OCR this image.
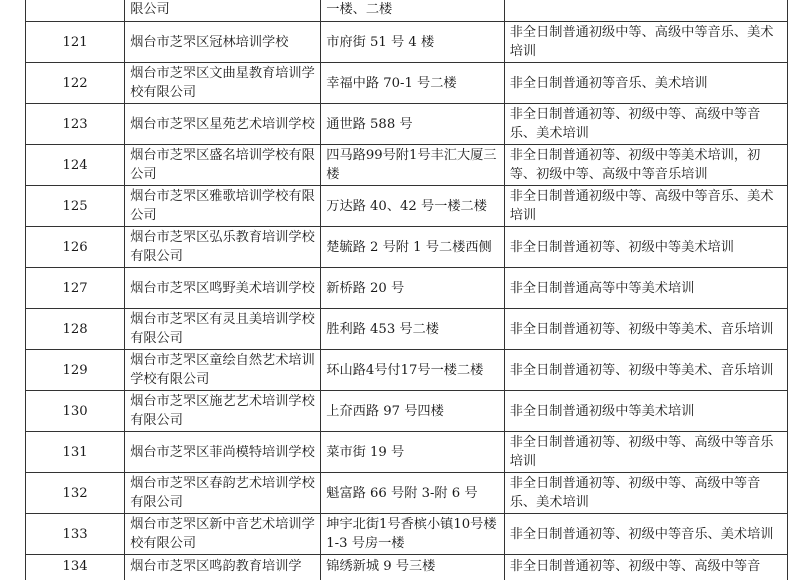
	限公司	一楼、二楼	

121	烟台市芝罘区冠林培训学校	市府街 51 号 4 楼	非全日制普通初级中等、高级中等音乐、美术培训

122	烟台市芝罘区文曲星教育培训学校有限公司	幸福中路 70-1 号二楼	非全日制普通初等音乐、美术培训

123	烟台市芝罘区星苑艺术培训学校	通世路 588 号	非全日制普通初等、初级中等、高级中等音乐、美术培训

124	烟台市芝罘区盛名培训学校有限公司	四马路99号附1号丰汇大厦三楼	非全日制普通初等、初级中等美术培训，初等、初级中等、高级中等音乐培训

125	烟台市芝罘区雅歌培训学校有限公司	万达路 40、42 号一楼二楼	非全日制普通初级中等、高级中等音乐、美术培训

126	烟台市芝罘区弘乐教育培训学校有限公司	楚毓路 2 号附 1 号二楼西侧	非全日制普通初等、初级中等美术培训

127	烟台市芝罘区鸣野美术培训学校	新桥路 20 号	非全日制普通高等中等美术培训

128	烟台市芝罘区有灵且美培训学校有限公司	胜利路 453 号二楼	非全日制普通初等、初级中等美术、音乐培训

129	烟台市芝罘区童绘自然艺术培训学校有限公司	环山路4号付17号一楼二楼	非全日制普通初等、初级中等美术、音乐培训

130	烟台市芝罘区施艺艺术培训学校有限公司	上夼西路 97 号四楼	非全日制普通初级中等美术培训

131	烟台市芝罘区菲尚模特培训学校	菜市街 19 号	非全日制普通初等、初级中等、高级中等音乐培训

132	烟台市芝罘区春韵艺术培训学校有限公司	魁富路 66 号附 3-附 6 号	非全日制普通初等、初级中等、高级中等音乐、美术培训

133	烟台市芝罘区新中音艺术培训学校有限公司	坤宇北街1号香槟小镇10号楼 1-3 号房一楼	非全日制普通初等、初级中等音乐、美术培训

134	烟台市芝罘区鸣韵教育培训学	锦绣新城 9 号三楼	非全日制普通初等、初级中等、高级中等音
